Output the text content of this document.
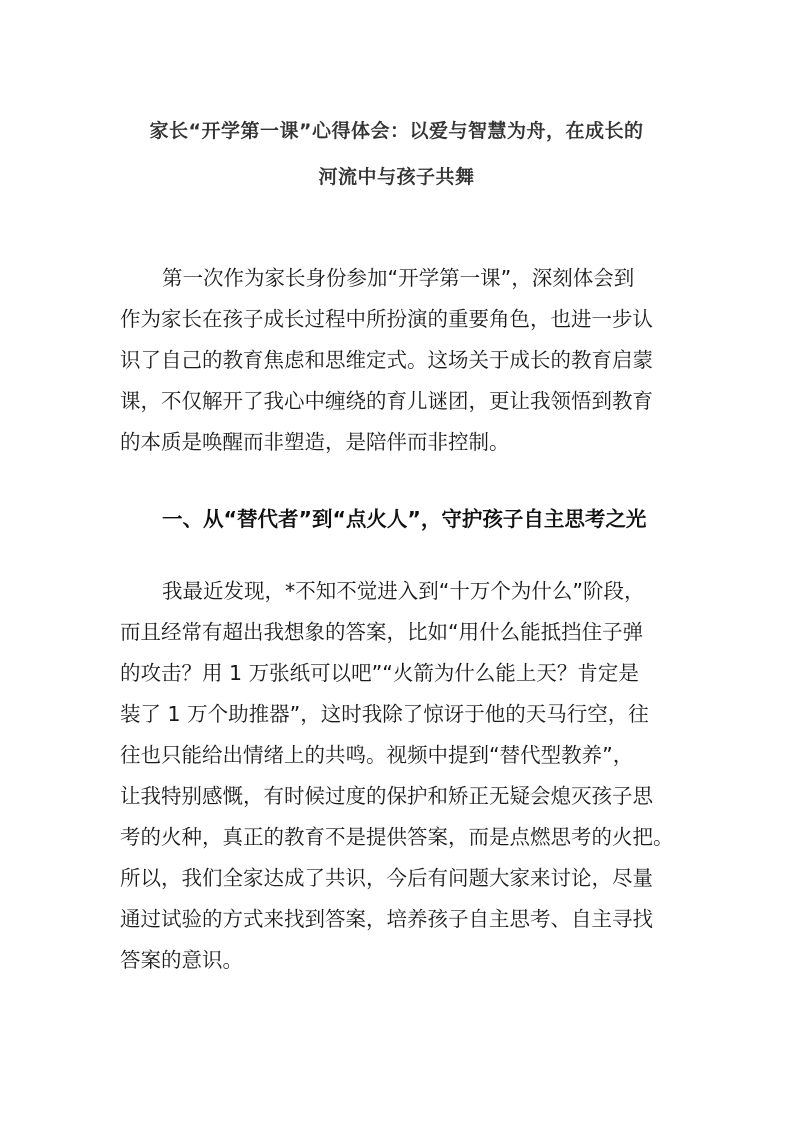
家长“开学第一课”心得体会：以爱与智慧为舟，在成长的
河流中与孩子共舞
第一次作为家长身份参加“开学第一课”，深刻体会到
作为家长在孩子成长过程中所扮演的重要角色，也进一步认
识了自己的教育焦虑和思维定式。这场关于成长的教育启蒙
课，不仅解开了我心中缠绕的育儿谜团，更让我领悟到教育
的本质是唤醒而非塑造，是陪伴而非控制。
一、从“替代者”到“点火人”，守护孩子自主思考之光
我最近发现，*不知不觉进入到“十万个为什么”阶段，
而且经常有超出我想象的答案，比如“用什么能抵挡住子弹
的攻击？用 1 万张纸可以吧”“火箭为什么能上天？肯定是
装了 1 万个助推器”，这时我除了惊讶于他的天马行空，往
往也只能给出情绪上的共鸣。视频中提到“替代型教养”，
让我特别感慨，有时候过度的保护和矫正无疑会熄灭孩子思
考的火种，真正的教育不是提供答案，而是点燃思考的火把。
所以，我们全家达成了共识，今后有问题大家来讨论，尽量
通过试验的方式来找到答案，培养孩子自主思考、自主寻找
答案的意识。
